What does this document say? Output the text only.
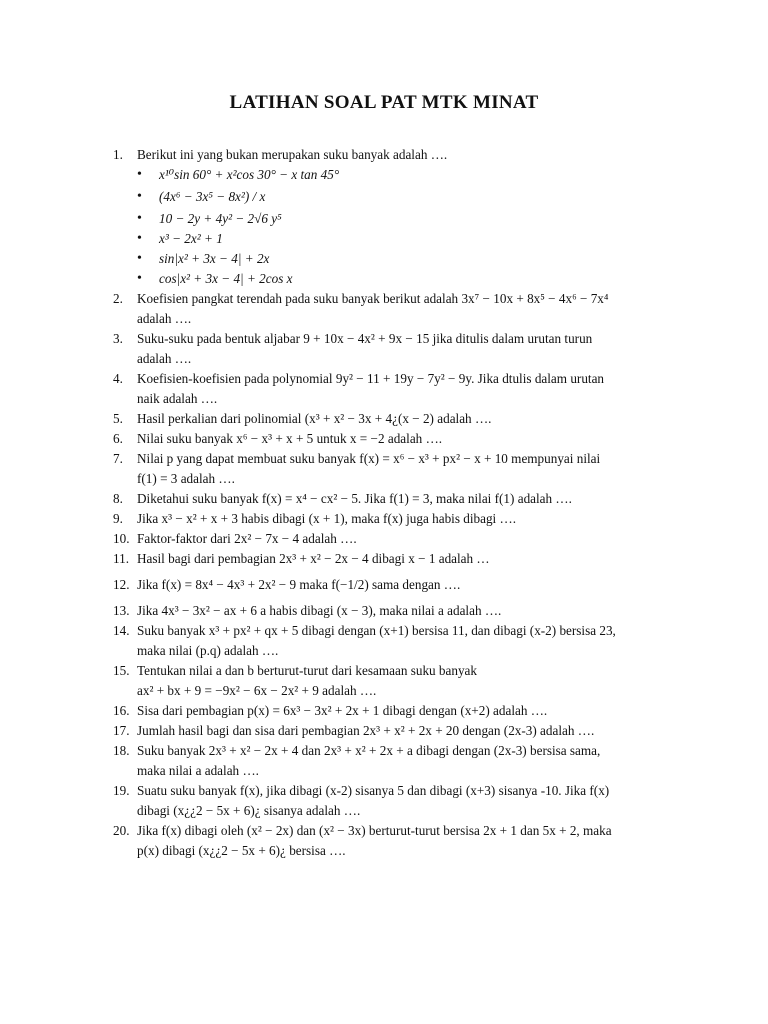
LATIHAN SOAL PAT MTK MINAT
1.	Berikut ini yang bukan merupakan suku banyak adalah ….
• x¹⁰sin 60° + x²cos 30° − x tan 45°
• (4x⁶ − 3x⁵ − 8x²) / x
• 10 − 2y + 4y² − 2√6 y⁵
• x³ − 2x² + 1
• sin|x² + 3x − 4| + 2x
• cos|x² + 3x − 4| + 2cos x
2.	Koefisien pangkat terendah pada suku banyak berikut adalah 3x⁷ − 10x + 8x⁵ − 4x⁶ − 7x⁴
adalah ….
3.	Suku-suku pada bentuk aljabar 9 + 10x − 4x² + 9x − 15 jika ditulis dalam urutan turun
adalah ….
4.	Koefisien-koefisien pada polynomial 9y² − 11 + 19y − 7y² − 9y. Jika dtulis dalam urutan
naik adalah ….
5.	Hasil perkalian dari polinomial (x³ + x² − 3x + 4¿(x − 2) adalah ….
6.	Nilai suku banyak x⁶ − x³ + x + 5 untuk x = −2 adalah ….
7.	Nilai p yang dapat membuat suku banyak f(x) = x⁶ − x³ + px² − x + 10 mempunyai nilai
f(1) = 3 adalah ….
8.	Diketahui suku banyak f(x) = x⁴ − cx² − 5. Jika f(1) = 3, maka nilai f(1) adalah ….
9.	Jika x³ − x² + x + 3 habis dibagi (x + 1), maka f(x) juga habis dibagi ….
10. Faktor-faktor dari 2x² − 7x − 4 adalah ….
11. Hasil bagi dari pembagian 2x³ + x² − 2x − 4 dibagi x − 1 adalah …
12. Jika f(x) = 8x⁴ − 4x³ + 2x² − 9 maka f(−1/2) sama dengan ….
13. Jika 4x³ − 3x² − ax + 6 a habis dibagi (x − 3), maka nilai a adalah ….
14. Suku banyak x³ + px² + qx + 5 dibagi dengan (x+1) bersisa 11, dan dibagi (x-2) bersisa 23,
maka nilai (p.q) adalah ….
15. Tentukan nilai a dan b berturut-turut dari kesamaan suku banyak
ax² + bx + 9 = −9x² − 6x − 2x² + 9 adalah ….
16. Sisa dari pembagian p(x) = 6x³ − 3x² + 2x + 1 dibagi dengan (x+2) adalah ….
17. Jumlah hasil bagi dan sisa dari pembagian 2x³ + x² + 2x + 20 dengan (2x-3) adalah ….
18. Suku banyak 2x³ + x² − 2x + 4 dan 2x³ + x² + 2x + a dibagi dengan (2x-3) bersisa sama,
maka nilai a adalah ….
19. Suatu suku banyak f(x), jika dibagi (x-2) sisanya 5 dan dibagi (x+3) sisanya -10. Jika f(x)
dibagi (x¿¿2 − 5x + 6)¿ sisanya adalah ….
20. Jika f(x) dibagi oleh (x² − 2x) dan (x² − 3x) berturut-turut bersisa 2x + 1 dan 5x + 2, maka
p(x) dibagi (x¿¿2 − 5x + 6)¿ bersisa ….
